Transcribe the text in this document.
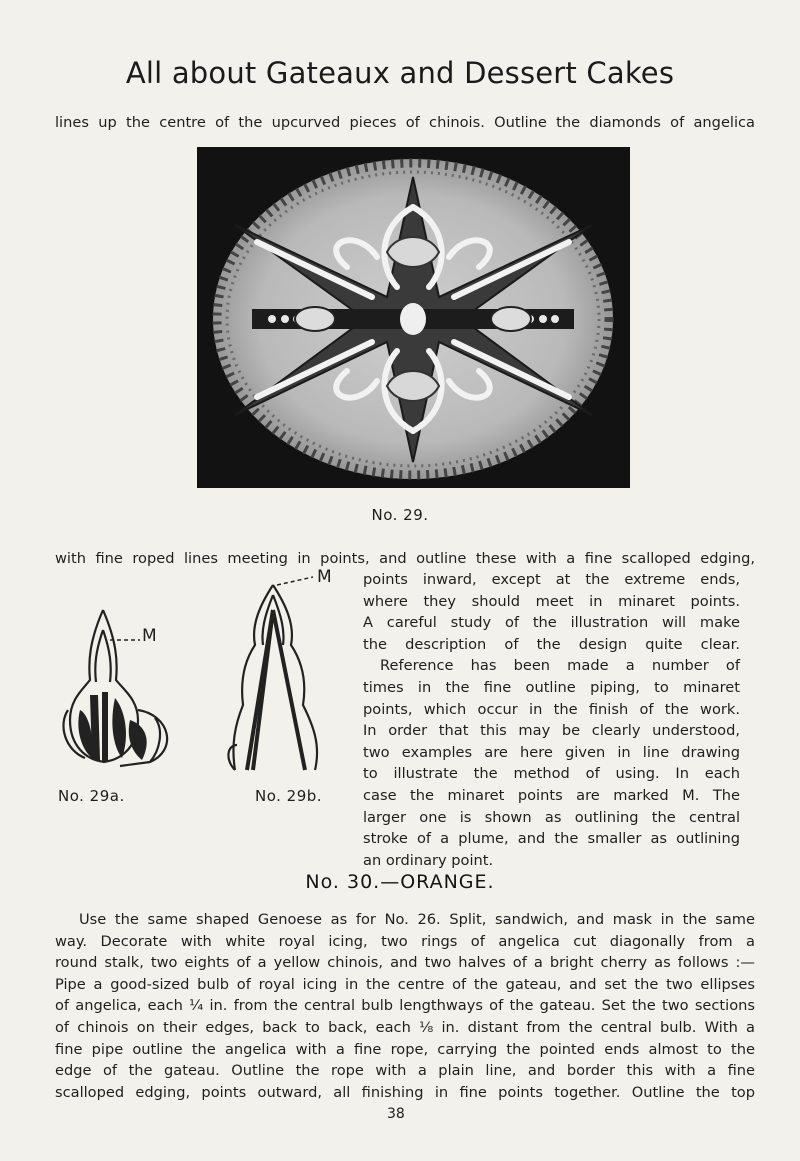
All about Gateaux and Dessert Cakes
lines up the centre of the upcurved pieces of chinois. Outline the diamonds of angelica
No. 29.
with fine roped lines meeting in points, and outline these with a fine scalloped edging,
M
No. 29a.
M
No. 29b.
points inward, except at the extreme ends,
where they should meet in minaret points.
A careful study of the illustration will make
the description of the design quite clear.
Reference has been made a number of
times in the fine outline piping, to minaret
points, which occur in the finish of the work.
In order that this may be clearly understood,
two examples are here given in line drawing
to illustrate the method of using. In each
case the minaret points are marked M. The
larger one is shown as outlining the central
stroke of a plume, and the smaller as outlining
an ordinary point.
No. 30.—ORANGE.
Use the same shaped Genoese as for No. 26. Split, sandwich, and mask in the same
way. Decorate with white royal icing, two rings of angelica cut diagonally from a
round stalk, two eights of a yellow chinois, and two halves of a bright cherry as follows :—
Pipe a good-sized bulb of royal icing in the centre of the gateau, and set the two ellipses
of angelica, each ¼ in. from the central bulb lengthways of the gateau. Set the two sections
of chinois on their edges, back to back, each ⅛ in. distant from the central bulb. With a
fine pipe outline the angelica with a fine rope, carrying the pointed ends almost to the
edge of the gateau. Outline the rope with a plain line, and border this with a fine
scalloped edging, points outward, all finishing in fine points together. Outline the top
38
